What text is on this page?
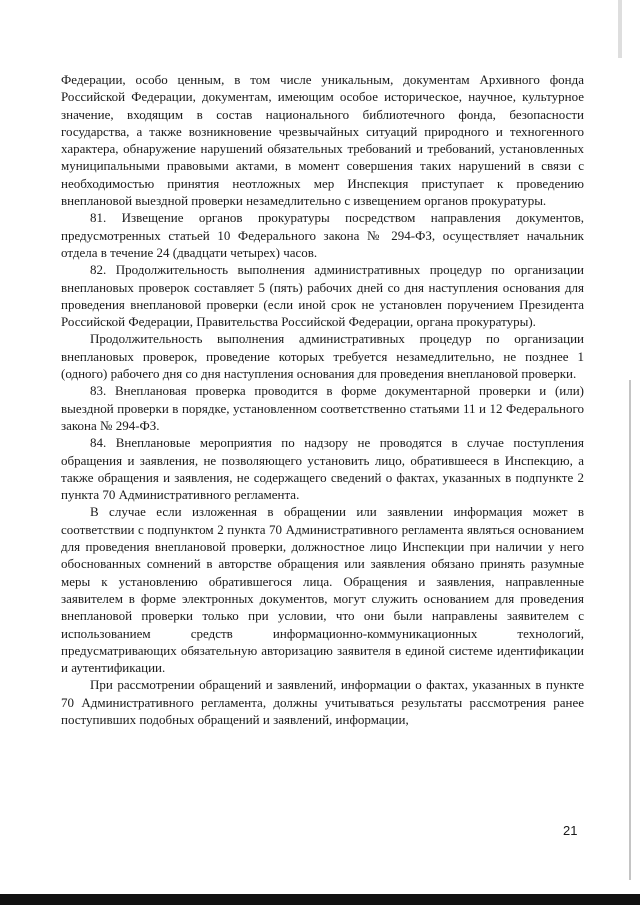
Федерации, особо ценным, в том числе уникальным, документам Архивного фонда Российской Федерации, документам, имеющим особое историческое, научное, культурное значение, входящим в состав национального библиотечного фонда, безопасности государства, а также возникновение чрезвычайных ситуаций природного и техногенного характера, обнаружение нарушений обязательных требований и требований, установленных муниципальными правовыми актами, в момент совершения таких нарушений в связи с необходимостью принятия неотложных мер Инспекция приступает к проведению внеплановой выездной проверки незамедлительно с извещением органов прокуратуры.

81. Извещение органов прокуратуры посредством направления документов, предусмотренных статьей 10 Федерального закона № 294-ФЗ, осуществляет начальник отдела в течение 24 (двадцати четырех) часов.

82. Продолжительность выполнения административных процедур по организации внеплановых проверок составляет 5 (пять) рабочих дней со дня наступления основания для проведения внеплановой проверки (если иной срок не установлен поручением Президента Российской Федерации, Правительства Российской Федерации, органа прокуратуры).

Продолжительность выполнения административных процедур по организации внеплановых проверок, проведение которых требуется незамедлительно, не позднее 1 (одного) рабочего дня со дня наступления основания для проведения внеплановой проверки.

83. Внеплановая проверка проводится в форме документарной проверки и (или) выездной проверки в порядке, установленном соответственно статьями 11 и 12 Федерального закона № 294-ФЗ.

84. Внеплановые мероприятия по надзору не проводятся в случае поступления обращения и заявления, не позволяющего установить лицо, обратившееся в Инспекцию, а также обращения и заявления, не содержащего сведений о фактах, указанных в подпункте 2 пункта 70 Административного регламента.

В случае если изложенная в обращении или заявлении информация может в соответствии с подпунктом 2 пункта 70 Административного регламента являться основанием для проведения внеплановой проверки, должностное лицо Инспекции при наличии у него обоснованных сомнений в авторстве обращения или заявления обязано принять разумные меры к установлению обратившегося лица. Обращения и заявления, направленные заявителем в форме электронных документов, могут служить основанием для проведения внеплановой проверки только при условии, что они были направлены заявителем с использованием средств информационно-коммуникационных технологий, предусматривающих обязательную авторизацию заявителя в единой системе идентификации и аутентификации.

При рассмотрении обращений и заявлений, информации о фактах, указанных в пункте 70 Административного регламента, должны учитываться результаты рассмотрения ранее поступивших подобных обращений и заявлений, информации,

21
